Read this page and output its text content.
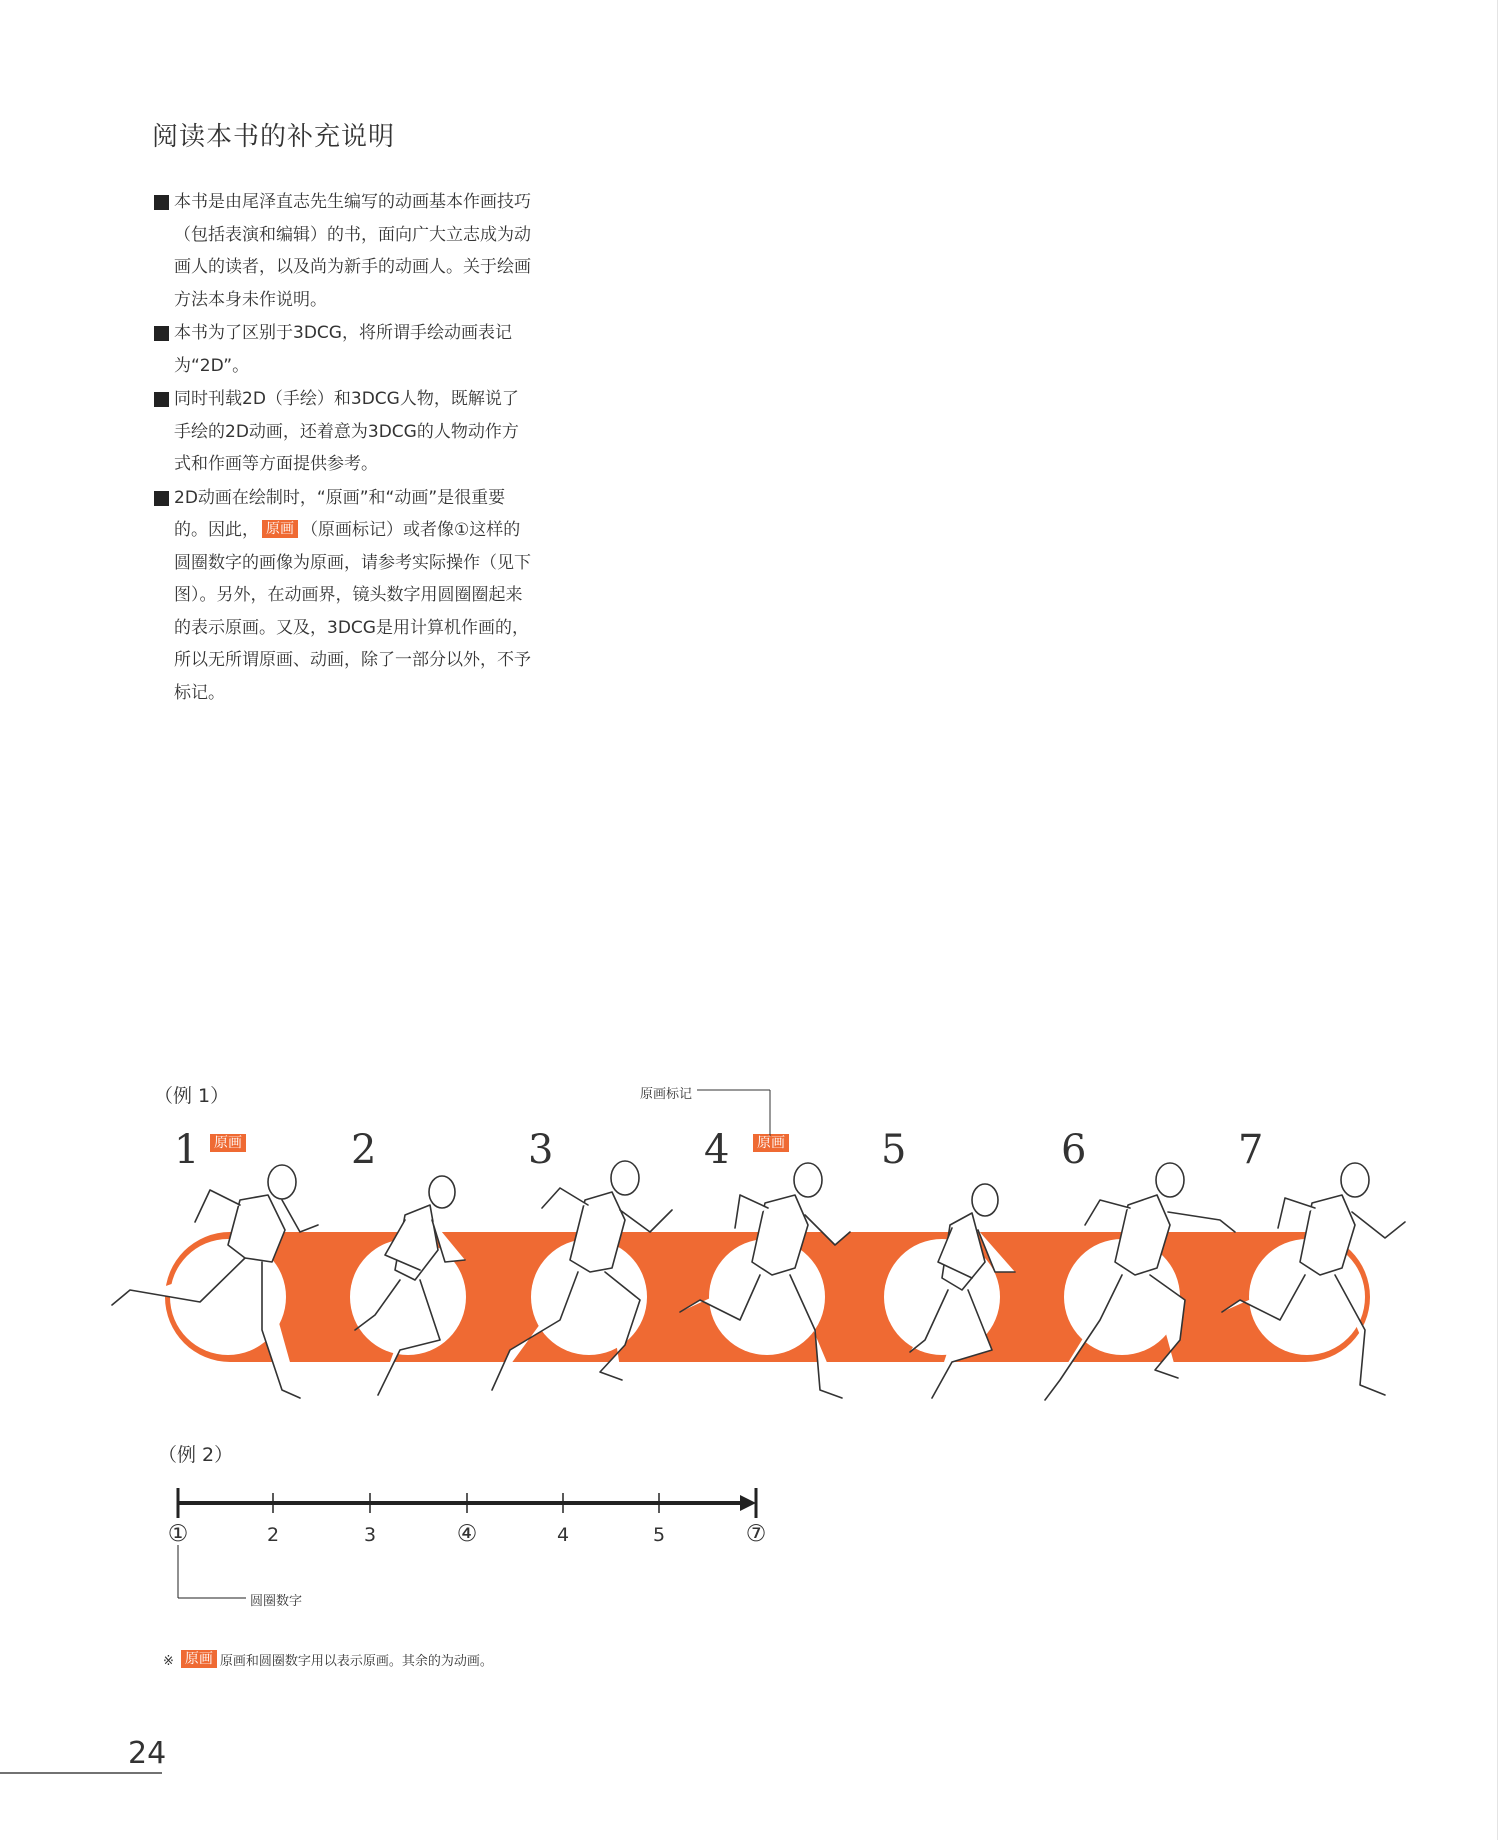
阅读本书的补充说明
本书是由尾泽直志先生编写的动画基本作画技巧（包括表演和编辑）的书，面向广大立志成为动画人的读者，以及尚为新手的动画人。关于绘画方法本身未作说明。
本书为了区别于3DCG，将所谓手绘动画表记为“2D”。
同时刊载2D（手绘）和3DCG人物，既解说了手绘的2D动画，还着意为3DCG的人物动作方式和作画等方面提供参考。
2D动画在绘制时，“原画”和“动画”是很重要的。因此， 原画 （原画标记）或者像①这样的圆圈数字的画像为原画，请参考实际操作（见下图）。另外，在动画界，镜头数字用圆圈圈起来的表示原画。又及，3DCG是用计算机作画的，所以无所谓原画、动画，除了一部分以外，不予标记。
（例 1）	原画标记
1 原画	2	3	4 原画 5	6	7
（例 2）
①	2	3	④	4	5	⑦
圆圈数字
※ 原画 原画和圆圈数字用以表示原画。其余的为动画。
24
